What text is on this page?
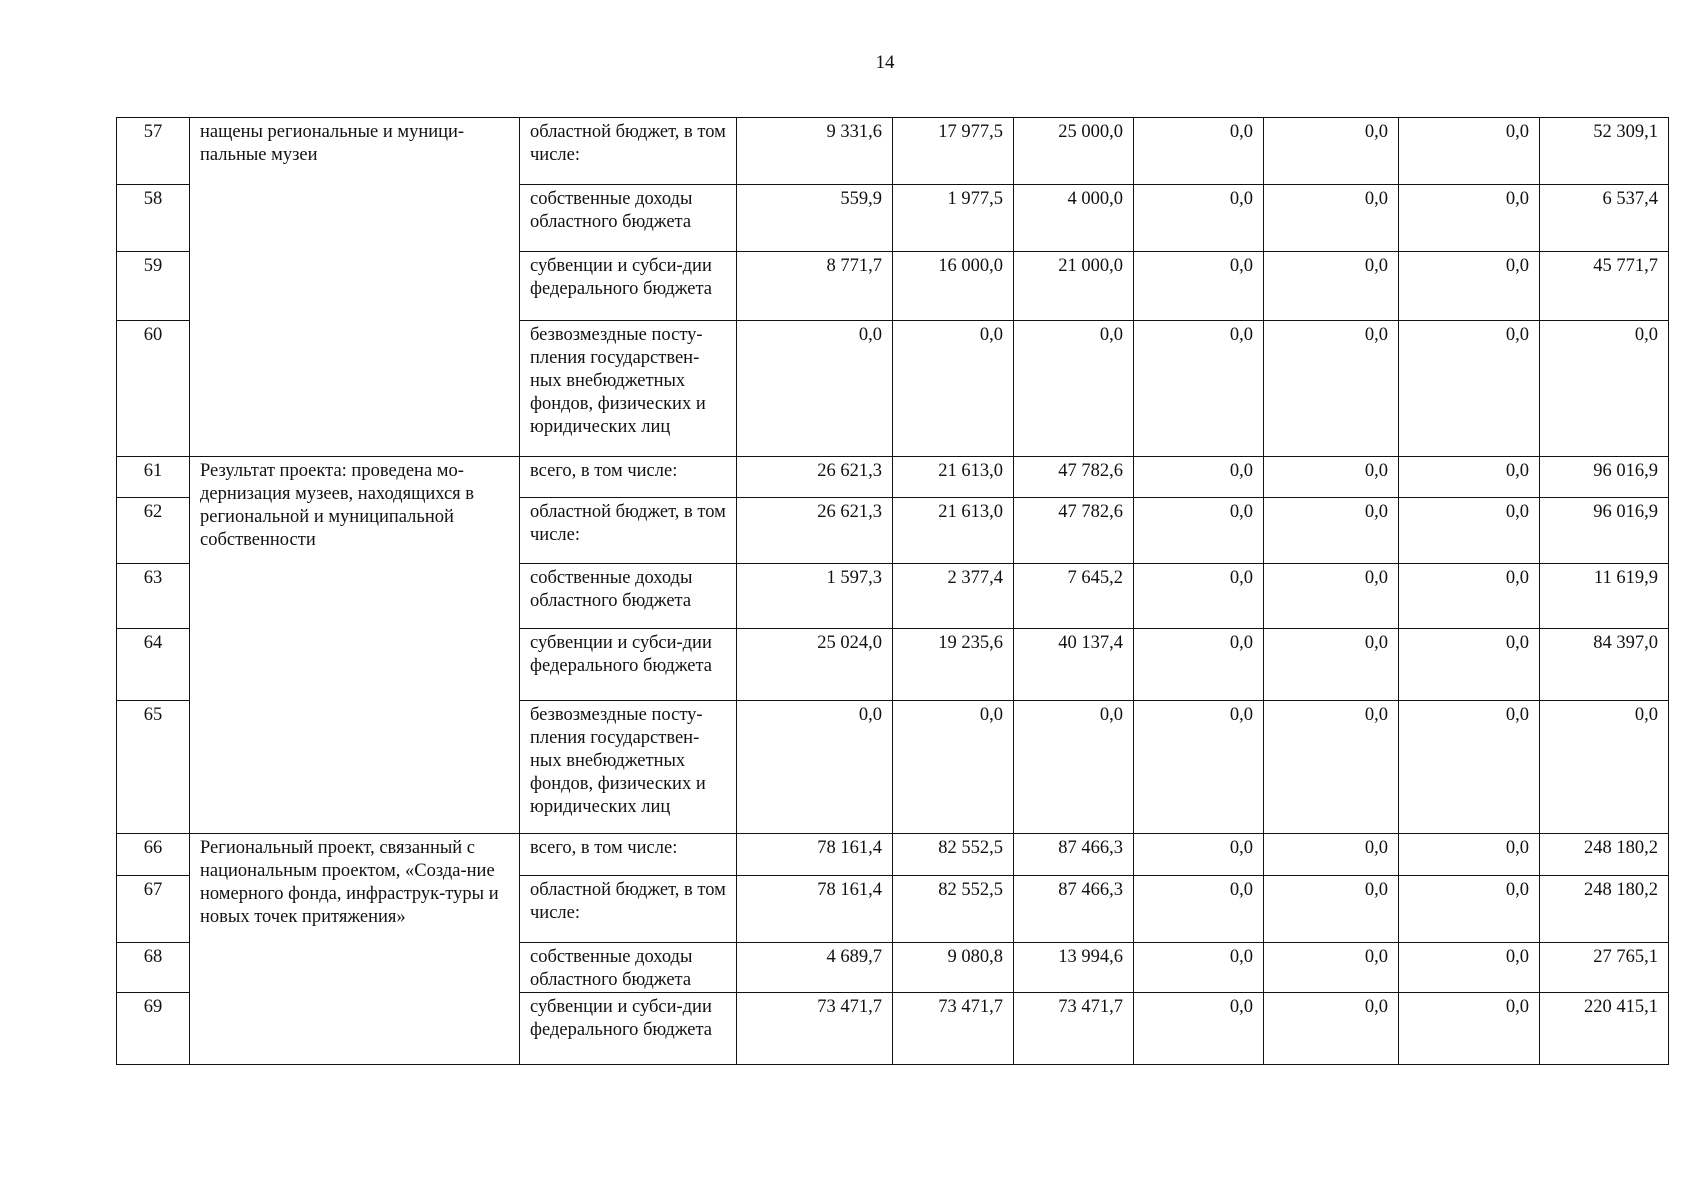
14
57	нащены региональные и муници-пальные музеи	областной бюджет, в том числе:	9 331,6	17 977,5	25 000,0	0,0	0,0	0,0	52 309,1
58		собственные доходы областного бюджета	559,9	1 977,5	4 000,0	0,0	0,0	0,0	6 537,4
59		субвенции и субси-дии федерального бюджета	8 771,7	16 000,0	21 000,0	0,0	0,0	0,0	45 771,7
60		безвозмездные посту-пления государствен-ных внебюджетных фондов, физических и юридических лиц	0,0	0,0	0,0	0,0	0,0	0,0	0,0
61	Результат проекта: проведена мо-дернизация музеев, находящихся в региональной и муниципальной собственности	всего, в том числе:	26 621,3	21 613,0	47 782,6	0,0	0,0	0,0	96 016,9
62		областной бюджет, в том числе:	26 621,3	21 613,0	47 782,6	0,0	0,0	0,0	96 016,9
63		собственные доходы областного бюджета	1 597,3	2 377,4	7 645,2	0,0	0,0	0,0	11 619,9
64		субвенции и субси-дии федерального бюджета	25 024,0	19 235,6	40 137,4	0,0	0,0	0,0	84 397,0
65		безвозмездные посту-пления государствен-ных внебюджетных фондов, физических и юридических лиц	0,0	0,0	0,0	0,0	0,0	0,0	0,0
66	Региональный проект, связанный с национальным проектом, «Созда-ние номерного фонда, инфраструк-туры и новых точек притяжения»	всего, в том числе:	78 161,4	82 552,5	87 466,3	0,0	0,0	0,0	248 180,2
67		областной бюджет, в том числе:	78 161,4	82 552,5	87 466,3	0,0	0,0	0,0	248 180,2
68		собственные доходы областного бюджета	4 689,7	9 080,8	13 994,6	0,0	0,0	0,0	27 765,1
69		субвенции и субси-дии федерального бюджета	73 471,7	73 471,7	73 471,7	0,0	0,0	0,0	220 415,1
